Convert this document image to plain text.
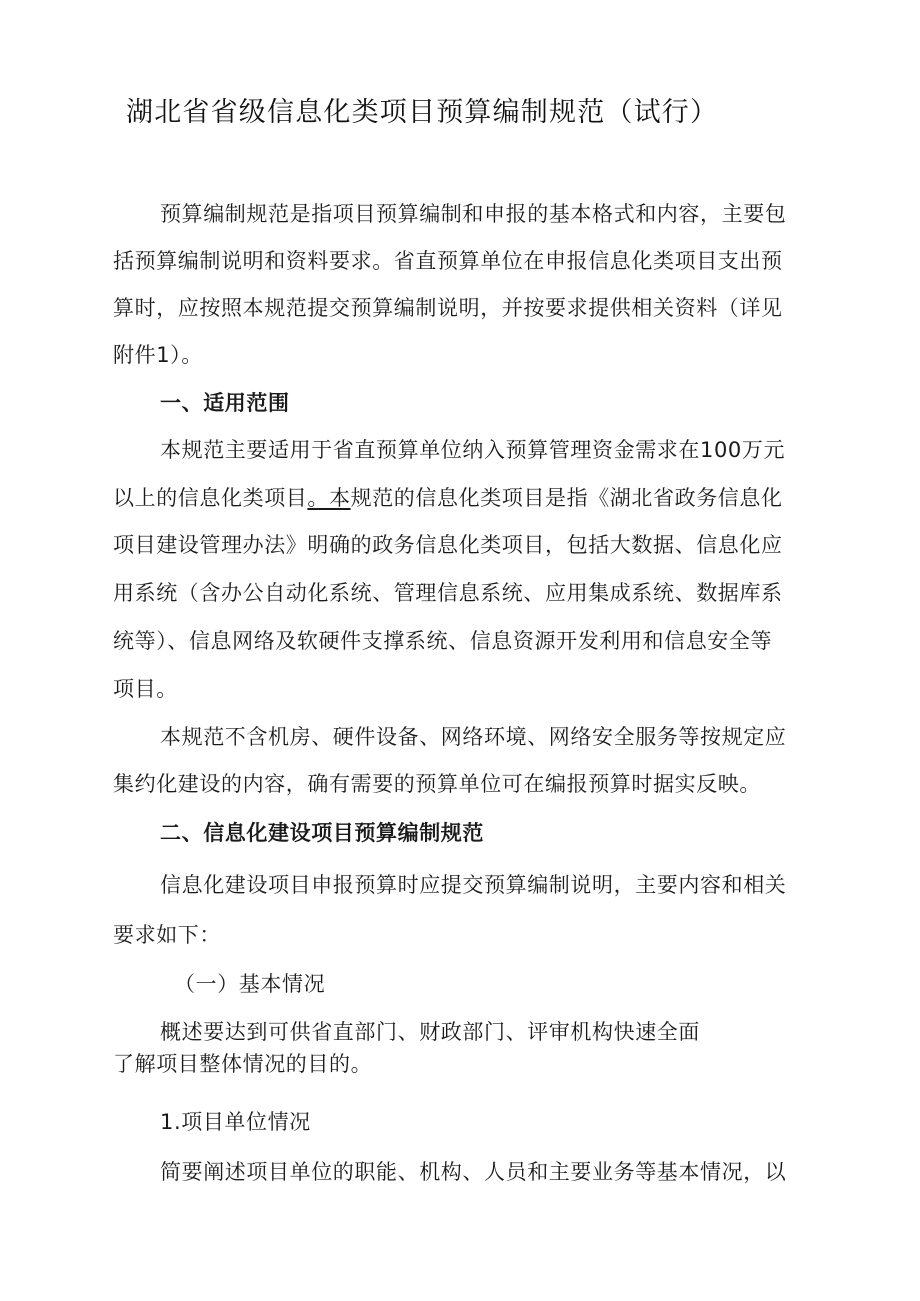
湖北省省级信息化类项目预算编制规范（试行）
预算编制规范是指项目预算编制和申报的基本格式和内容，主要包
括预算编制说明和资料要求。省直预算单位在申报信息化类项目支出预
算时，应按照本规范提交预算编制说明，并按要求提供相关资料（详见
附件1）。
一、适用范围
本规范主要适用于省直预算单位纳入预算管理资金需求在100万元
以上的信息化类项目。本规范的信息化类项目是指《湖北省政务信息化
项目建设管理办法》明确的政务信息化类项目，包括大数据、信息化应
用系统（含办公自动化系统、管理信息系统、应用集成系统、数据库系
统等）、信息网络及软硬件支撑系统、信息资源开发利用和信息安全等
项目。
本规范不含机房、硬件设备、网络环境、网络安全服务等按规定应
集约化建设的内容，确有需要的预算单位可在编报预算时据实反映。
二、信息化建设项目预算编制规范
信息化建设项目申报预算时应提交预算编制说明，主要内容和相关
要求如下：
（一）基本情况
概述要达到可供省直部门、财政部门、评审机构快速全面
了解项目整体情况的目的。
1.项目单位情况
简要阐述项目单位的职能、机构、人员和主要业务等基本情况，以
